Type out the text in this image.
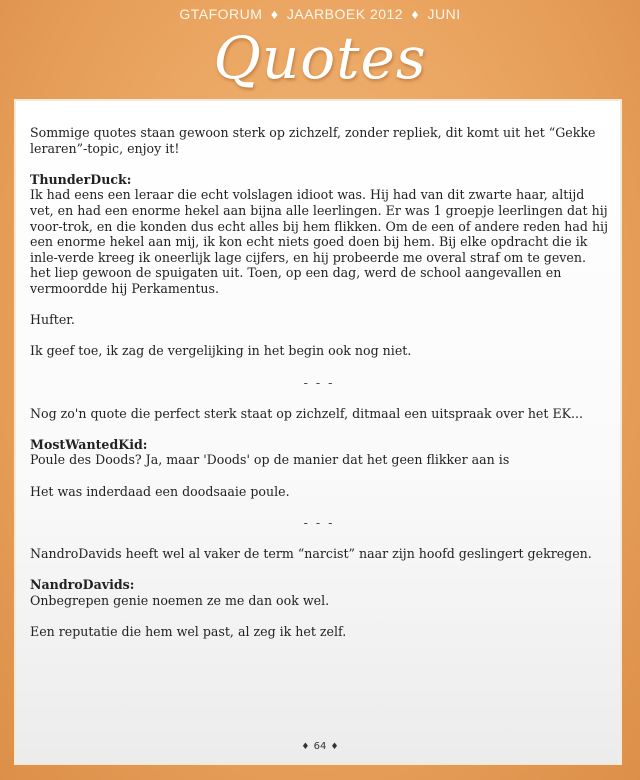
GTAFORUM ♦ JAARBOEK 2012 ♦ JUNI
Quotes

Sommige quotes staan gewoon sterk op zichzelf, zonder repliek, dit komt uit het “Gekke leraren”-topic, enjoy it!

ThunderDuck:
Ik had eens een leraar die echt volslagen idioot was. Hij had van dit zwarte haar, altijd vet, en had een enorme hekel aan bijna alle leerlingen. Er was 1 groepje leerlingen dat hij voor-trok, en die konden dus echt alles bij hem flikken. Om de een of andere reden had hij een enorme hekel aan mij, ik kon echt niets goed doen bij hem. Bij elke opdracht die ik inle-verde kreeg ik oneerlijk lage cijfers, en hij probeerde me overal straf om te geven. het liep gewoon de spuigaten uit. Toen, op een dag, werd de school aangevallen en vermoordde hij Perkamentus.

Hufter.

Ik geef toe, ik zag de vergelijking in het begin ook nog niet.

- - -

Nog zo'n quote die perfect sterk staat op zichzelf, ditmaal een uitspraak over het EK...

MostWantedKid:
Poule des Doods? Ja, maar 'Doods' op de manier dat het geen flikker aan is

Het was inderdaad een doodsaaie poule.

- - -

NandroDavids heeft wel al vaker de term “narcist” naar zijn hoofd geslingert gekregen.

NandroDavids:
Onbegrepen genie noemen ze me dan ook wel.

Een reputatie die hem wel past, al zeg ik het zelf.

♦ 64 ♦
